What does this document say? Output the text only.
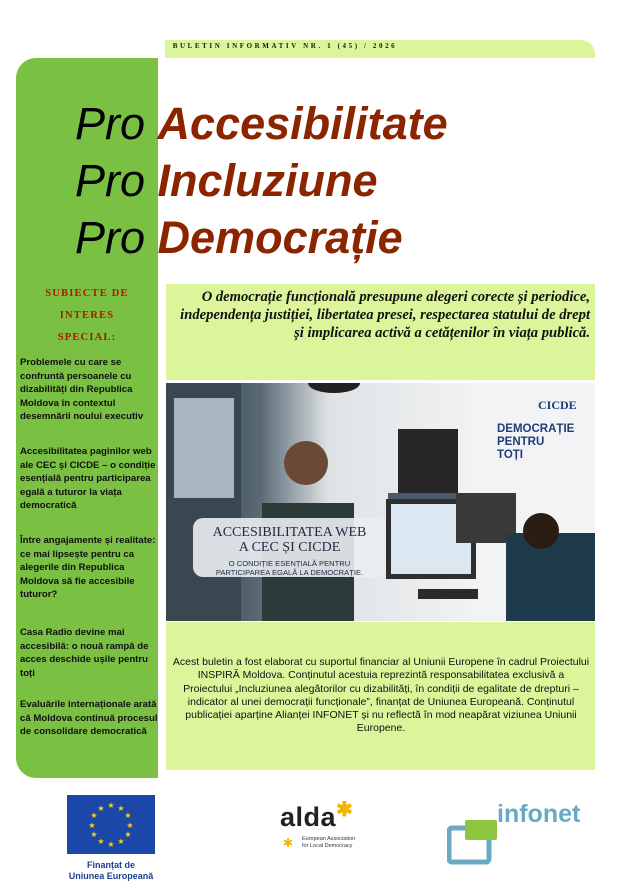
BULETIN INFORMATIV NR. 1 (45) / 2026
Pro Accesibilitate
Pro Incluziune
Pro Democrație
SUBIECTE DE
INTERES
SPECIAL:
Problemele cu care se confruntă persoanele cu dizabilități din Republica Moldova în contextul desemnării noului executiv
Accesibilitatea paginilor web ale CEC și CICDE – o condiție esențială pentru participarea egală a tuturor la viața democratică
Între angajamente și realitate: ce mai lipsește pentru ca alegerile din Republica Moldova să fie accesibile tuturor?
Casa Radio devine mai accesibilă: o nouă rampă de acces deschide ușile pentru toți
Evaluările internaționale arată că Moldova continuă procesul de consolidare democratică
O democrație funcțională presupune alegeri corecte și periodice, independența justiției, libertatea presei, respectarea statului de drept și implicarea activă a cetățenilor în viața publică.
CICDE
DEMOCRAȚIE
PENTRU
TOȚI
ACCESIBILITATEA WEB
A CEC ȘI CICDE
O CONDIȚIE ESENȚIALĂ PENTRU
PARTICIPAREA EGALĂ LA DEMOCRAȚIE.
Acest buletin a fost elaborat cu suportul financiar al Uniunii Europene în cadrul Proiectului INSPIRĂ Moldova. Conținutul acestuia reprezintă responsabilitatea exclusivă a Proiectului „Incluziunea alegătorilor cu dizabilități, în condiții de egalitate de drepturi – indicator al unei democrații funcționale”, finanțat de Uniunea Europeană. Conținutul publicației aparține Alianței INFONET și nu reflectă în mod neapărat viziunea Uniunii Europene.
★ ★
★
★
★
★
★
★
★
★
★
★
Finanțat de
Uniunea Europeană
alda✱
European Association
for Local Democracy
✱
infonet
